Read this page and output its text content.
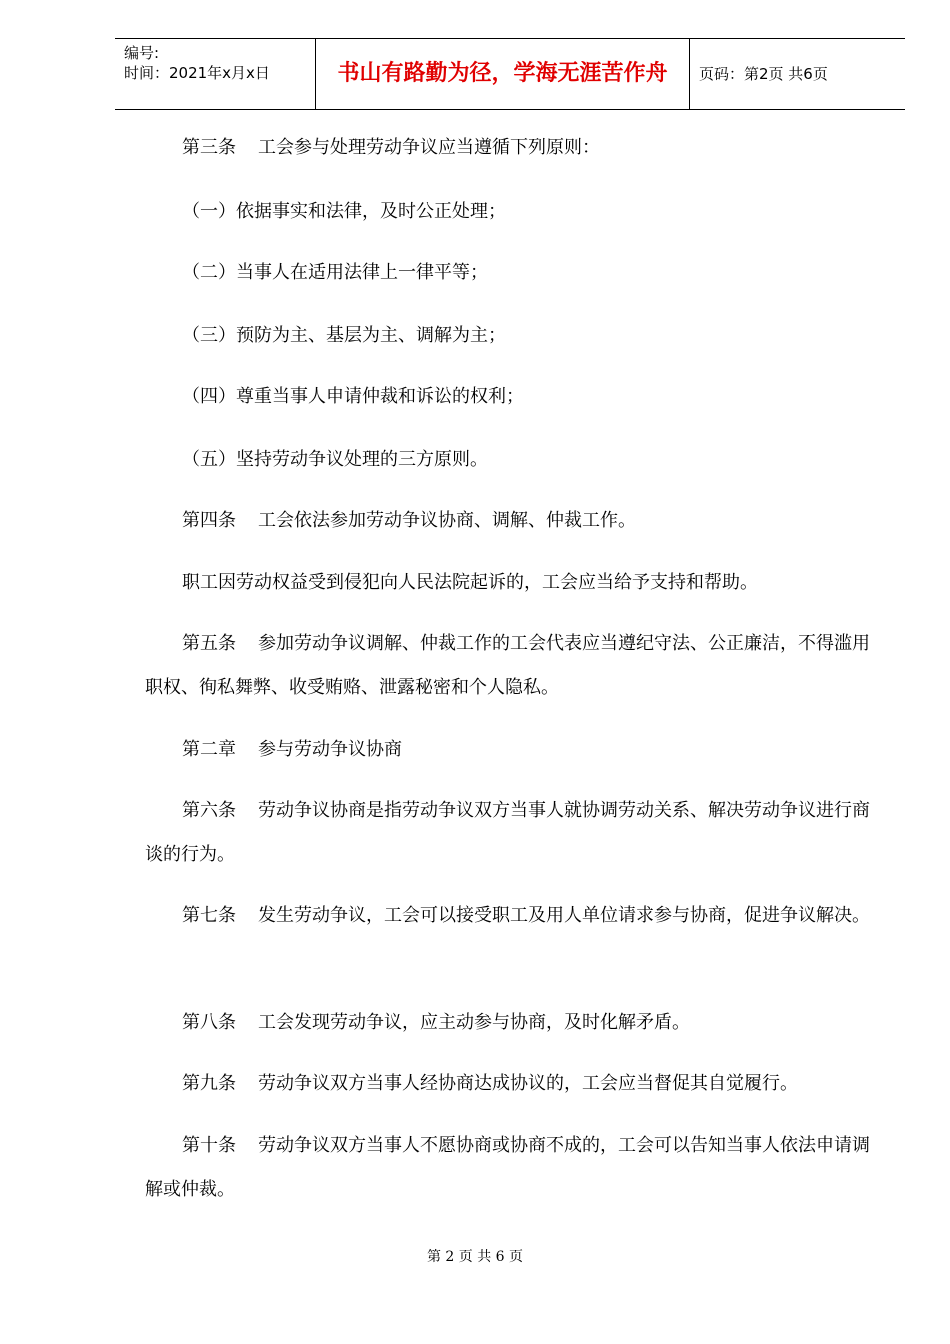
编号:
时间：2021年x月x日	书山有路勤为径，学海无涯苦作舟	页码：第2页 共6页

第三条 工会参与处理劳动争议应当遵循下列原则：

（一）依据事实和法律，及时公正处理；

（二）当事人在适用法律上一律平等；

（三）预防为主、基层为主、调解为主；

（四）尊重当事人申请仲裁和诉讼的权利；

（五）坚持劳动争议处理的三方原则。

第四条 工会依法参加劳动争议协商、调解、仲裁工作。

职工因劳动权益受到侵犯向人民法院起诉的，工会应当给予支持和帮助。

第五条 参加劳动争议调解、仲裁工作的工会代表应当遵纪守法、公正廉洁，不得滥用职权、徇私舞弊、收受贿赂、泄露秘密和个人隐私。

第二章 参与劳动争议协商

第六条 劳动争议协商是指劳动争议双方当事人就协调劳动关系、解决劳动争议进行商谈的行为。

第七条 发生劳动争议，工会可以接受职工及用人单位请求参与协商，促进争议解决。

第八条 工会发现劳动争议，应主动参与协商，及时化解矛盾。

第九条 劳动争议双方当事人经协商达成协议的，工会应当督促其自觉履行。

第十条 劳动争议双方当事人不愿协商或协商不成的，工会可以告知当事人依法申请调解或仲裁。

第 2 页 共 6 页
